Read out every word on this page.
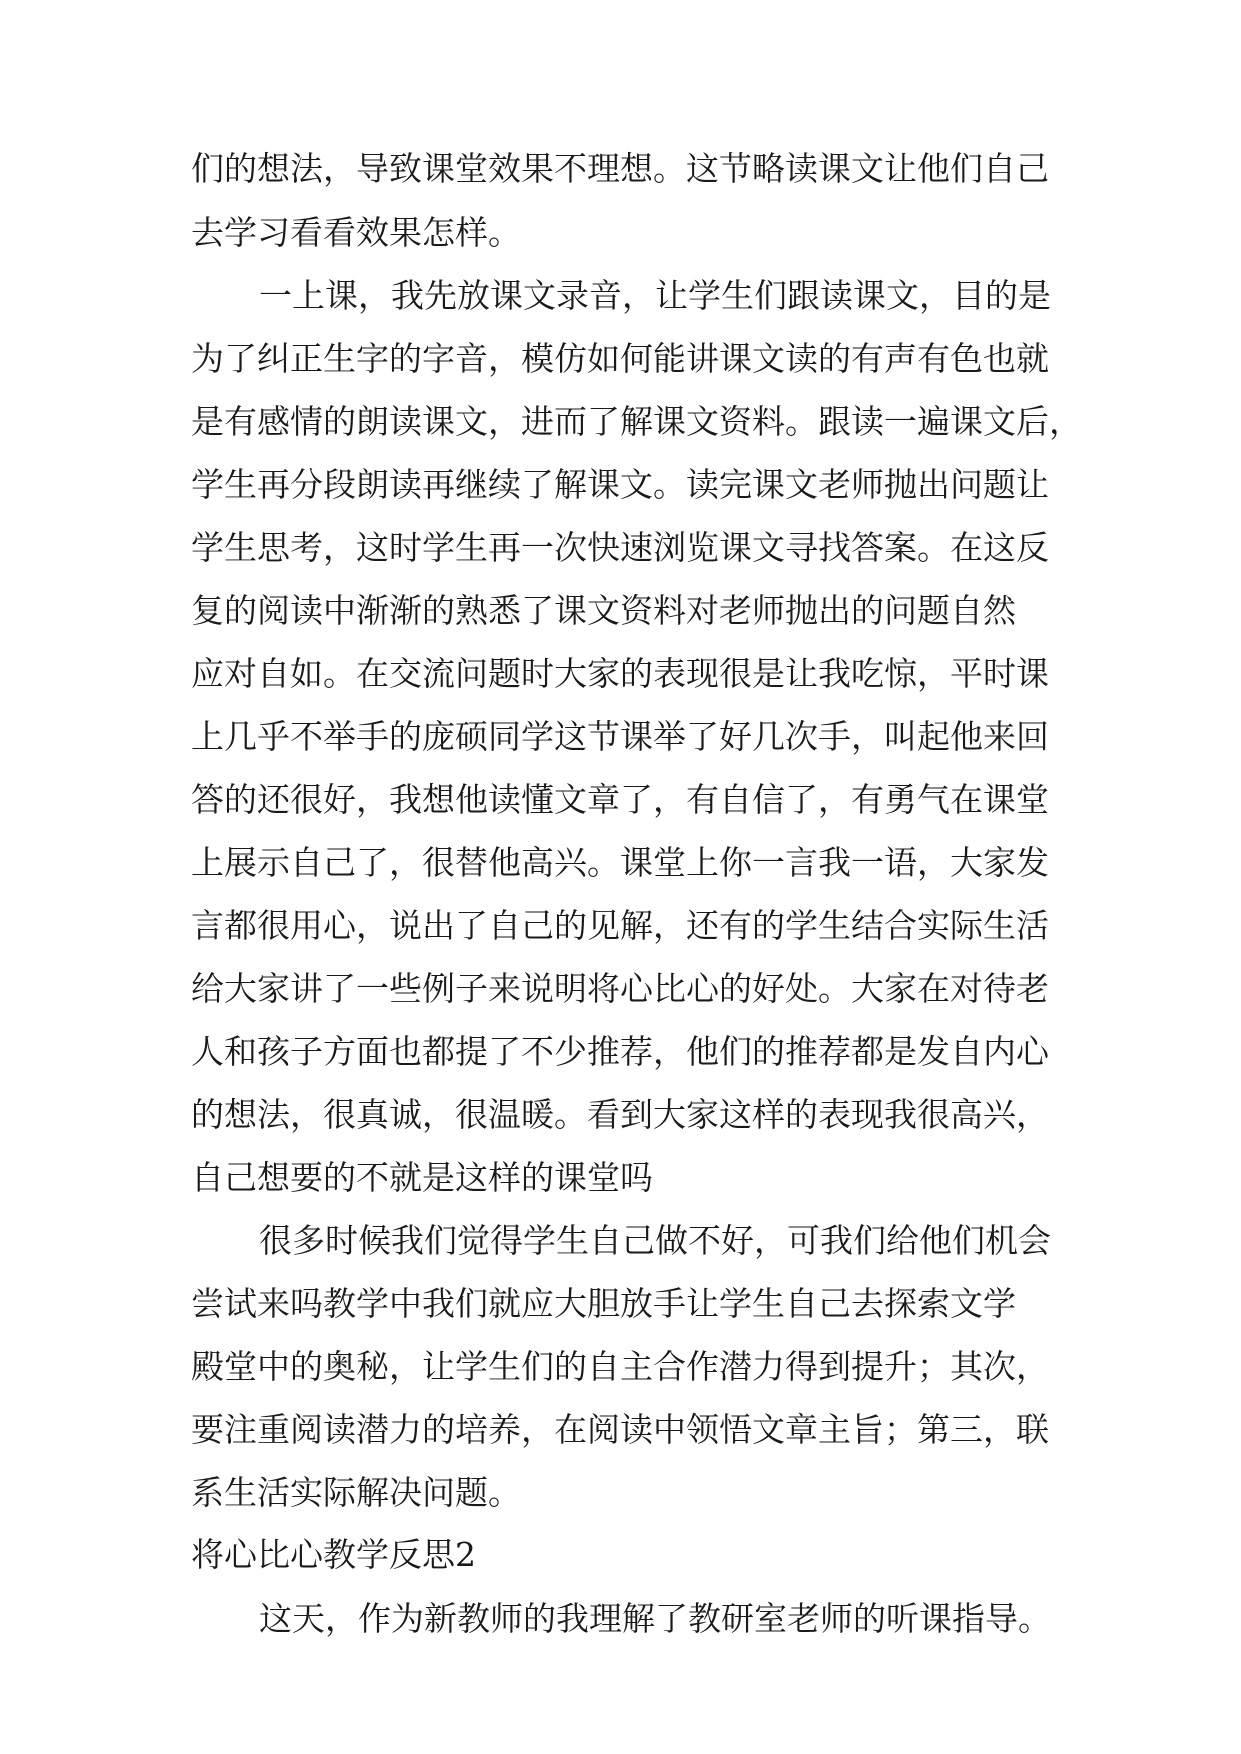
们的想法，导致课堂效果不理想。这节略读课文让他们自己
去学习看看效果怎样。
一上课，我先放课文录音，让学生们跟读课文，目的是
为了纠正生字的字音，模仿如何能讲课文读的有声有色也就
是有感情的朗读课文，进而了解课文资料。跟读一遍课文后，
学生再分段朗读再继续了解课文。读完课文老师抛出问题让
学生思考，这时学生再一次快速浏览课文寻找答案。在这反
复的阅读中渐渐的熟悉了课文资料对老师抛出的问题自然
应对自如。在交流问题时大家的表现很是让我吃惊，平时课
上几乎不举手的庞硕同学这节课举了好几次手，叫起他来回
答的还很好，我想他读懂文章了，有自信了，有勇气在课堂
上展示自己了，很替他高兴。课堂上你一言我一语，大家发
言都很用心，说出了自己的见解，还有的学生结合实际生活
给大家讲了一些例子来说明将心比心的好处。大家在对待老
人和孩子方面也都提了不少推荐，他们的推荐都是发自内心
的想法，很真诚，很温暖。看到大家这样的表现我很高兴，
自己想要的不就是这样的课堂吗
很多时候我们觉得学生自己做不好，可我们给他们机会
尝试来吗教学中我们就应大胆放手让学生自己去探索文学
殿堂中的奥秘，让学生们的自主合作潜力得到提升；其次，
要注重阅读潜力的培养，在阅读中领悟文章主旨；第三，联
系生活实际解决问题。
将心比心教学反思2
这天，作为新教师的我理解了教研室老师的听课指导。
